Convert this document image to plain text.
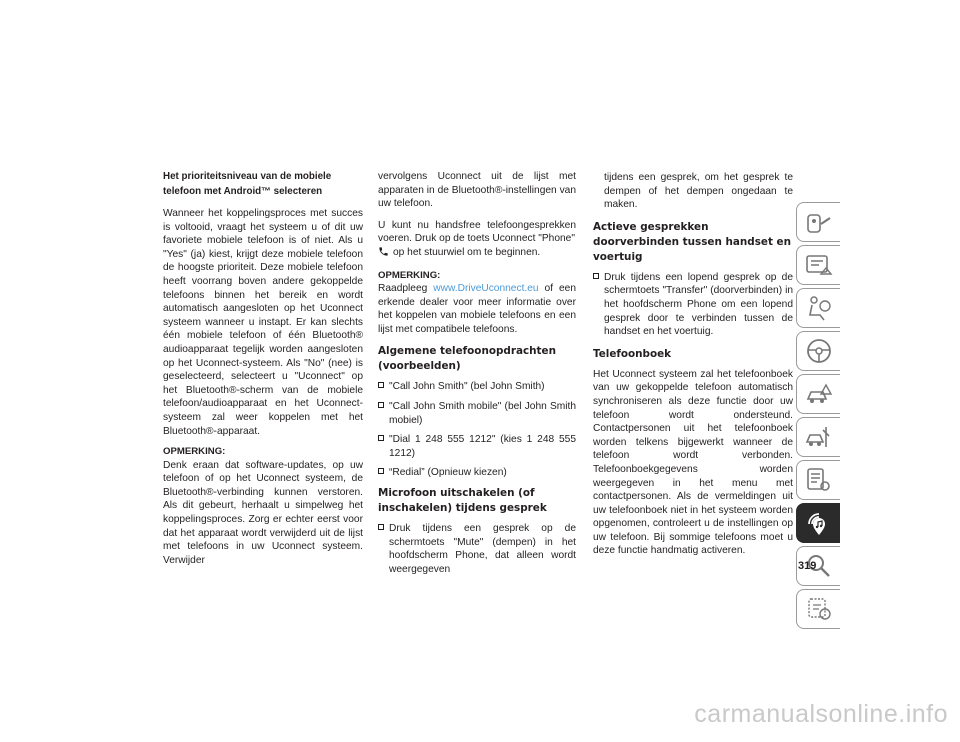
Het prioriteitsniveau van de mobiele telefoon met Android™ selecteren

Wanneer het koppelingsproces met succes is voltooid, vraagt het systeem u of dit uw favoriete mobiele telefoon is of niet. Als u "Yes" (ja) kiest, krijgt deze mobiele telefoon de hoogste prioriteit. Deze mobiele telefoon heeft voorrang boven andere gekoppelde telefoons binnen het bereik en wordt automatisch aangesloten op het Uconnect systeem wanneer u instapt. Er kan slechts één mobiele telefoon of één Bluetooth® audioapparaat tegelijk worden aangesloten op het Uconnect-systeem. Als "No" (nee) is geselecteerd, selecteert u "Uconnect" op het Bluetooth®-scherm van de mobiele telefoon/audioapparaat en het Uconnect-systeem zal weer koppelen met het Bluetooth®-apparaat.

OPMERKING:

Denk eraan dat software-updates, op uw telefoon of op het Uconnect systeem, de Bluetooth®-verbinding kunnen verstoren. Als dit gebeurt, herhaalt u simpelweg het koppelingsproces. Zorg er echter eerst voor dat het apparaat wordt verwijderd uit de lijst met telefoons in uw Uconnect systeem. Verwijder

vervolgens Uconnect uit de lijst met apparaten in de Bluetooth®-instellingen van uw telefoon.

U kunt nu handsfree telefoongesprekken voeren. Druk op de toets Uconnect "Phone"
op het stuurwiel om te beginnen.

OPMERKING:

Raadpleeg www.DriveUconnect.eu of een erkende dealer voor meer informatie over het koppelen van mobiele telefoons en een lijst met compatibele telefoons.

Algemene telefoonopdrachten (voorbeelden)
"Call John Smith" (bel John Smith)
"Call John Smith mobile" (bel John Smith mobiel)
"Dial 1 248 555 1212" (kies 1 248 555 1212)
“Redial” (Opnieuw kiezen)
Microfoon uitschakelen (of inschakelen) tijdens gesprek
Druk tijdens een gesprek op de schermtoets "Mute" (dempen) in het hoofdscherm Phone, dat alleen wordt weergegeven

tijdens een gesprek, om het gesprek te dempen of het dempen ongedaan te maken.

Actieve gesprekken doorverbinden tussen handset en voertuig
Druk tijdens een lopend gesprek op de schermtoets "Transfer" (doorverbinden) in het hoofdscherm Phone om een lopend gesprek door te verbinden tussen de handset en het voertuig.
Telefoonboek

Het Uconnect systeem zal het telefoonboek van uw gekoppelde telefoon automatisch synchroniseren als deze functie door uw telefoon wordt ondersteund. Contactpersonen uit het telefoonboek worden telkens bijgewerkt wanneer de telefoon wordt verbonden. Telefoonboekgegevens worden weergegeven in het menu met contactpersonen. Als de vermeldingen uit uw telefoonboek niet in het systeem worden opgenomen, controleert u de instellingen op uw telefoon. Bij sommige telefoons moet u deze functie handmatig activeren.

319
carmanualsonline.info
